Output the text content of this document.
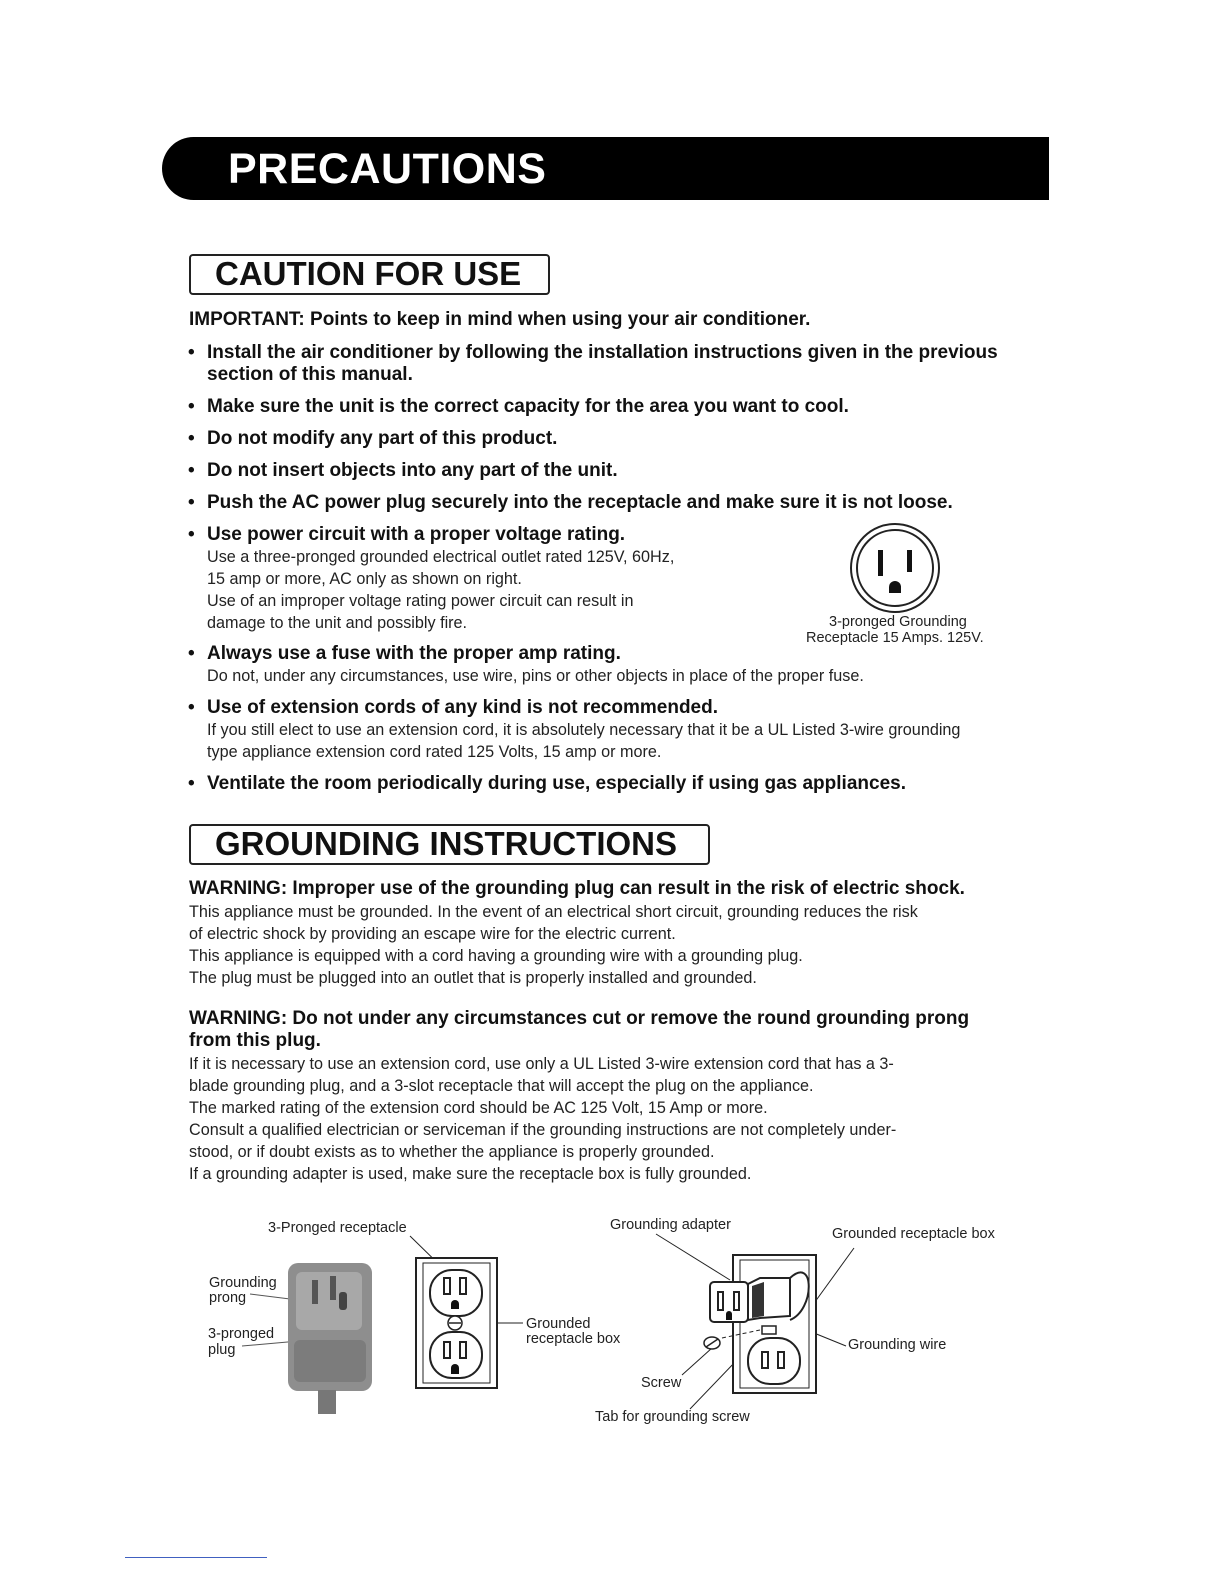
PRECAUTIONS
CAUTION FOR USE
IMPORTANT: Points to keep in mind when using your air conditioner.
• Install the air conditioner by following the installation instructions given in the previous
section of this manual.
• Make sure the unit is the correct capacity for the area you want to cool.
• Do not modify any part of this product.
• Do not insert objects into any part of the unit.
• Push the AC power plug securely into the receptacle and make sure it is not loose.
• Use power circuit with a proper voltage rating.
Use a three-pronged grounded electrical outlet rated 125V, 60Hz,
15 amp or more, AC only as shown on right.
Use of an improper voltage rating power circuit can result in
damage to the unit and possibly fire.	3-pronged Grounding
Receptacle 15 Amps. 125V.
• Always use a fuse with the proper amp rating.
Do not, under any circumstances, use wire, pins or other objects in place of the proper fuse.
• Use of extension cords of any kind is not recommended.
If you still elect to use an extension cord, it is absolutely necessary that it be a UL Listed 3-wire grounding
type appliance extension cord rated 125 Volts, 15 amp or more.
• Ventilate the room periodically during use, especially if using gas appliances.
GROUNDING INSTRUCTIONS
WARNING: Improper use of the grounding plug can result in the risk of electric shock.
This appliance must be grounded. In the event of an electrical short circuit, grounding reduces the risk
of electric shock by providing an escape wire for the electric current.
This appliance is equipped with a cord having a grounding wire with a grounding plug.
The plug must be plugged into an outlet that is properly installed and grounded.
WARNING: Do not under any circumstances cut or remove the round grounding prong
from this plug.
If it is necessary to use an extension cord, use only a UL Listed 3-wire extension cord that has a 3-
blade grounding plug, and a 3-slot receptacle that will accept the plug on the appliance.
The marked rating of the extension cord should be AC 125 Volt, 15 Amp or more.
Consult a qualified electrician or serviceman if the grounding instructions are not completely under-
stood, or if doubt exists as to whether the appliance is properly grounded.
If a grounding adapter is used, make sure the receptacle box is fully grounded.
3-Pronged receptacle
Grounding
prong
3-pronged
plug
Grounded
receptacle box
Grounding adapter
Grounded receptacle box
Grounding wire
Screw
Tab for grounding screw
